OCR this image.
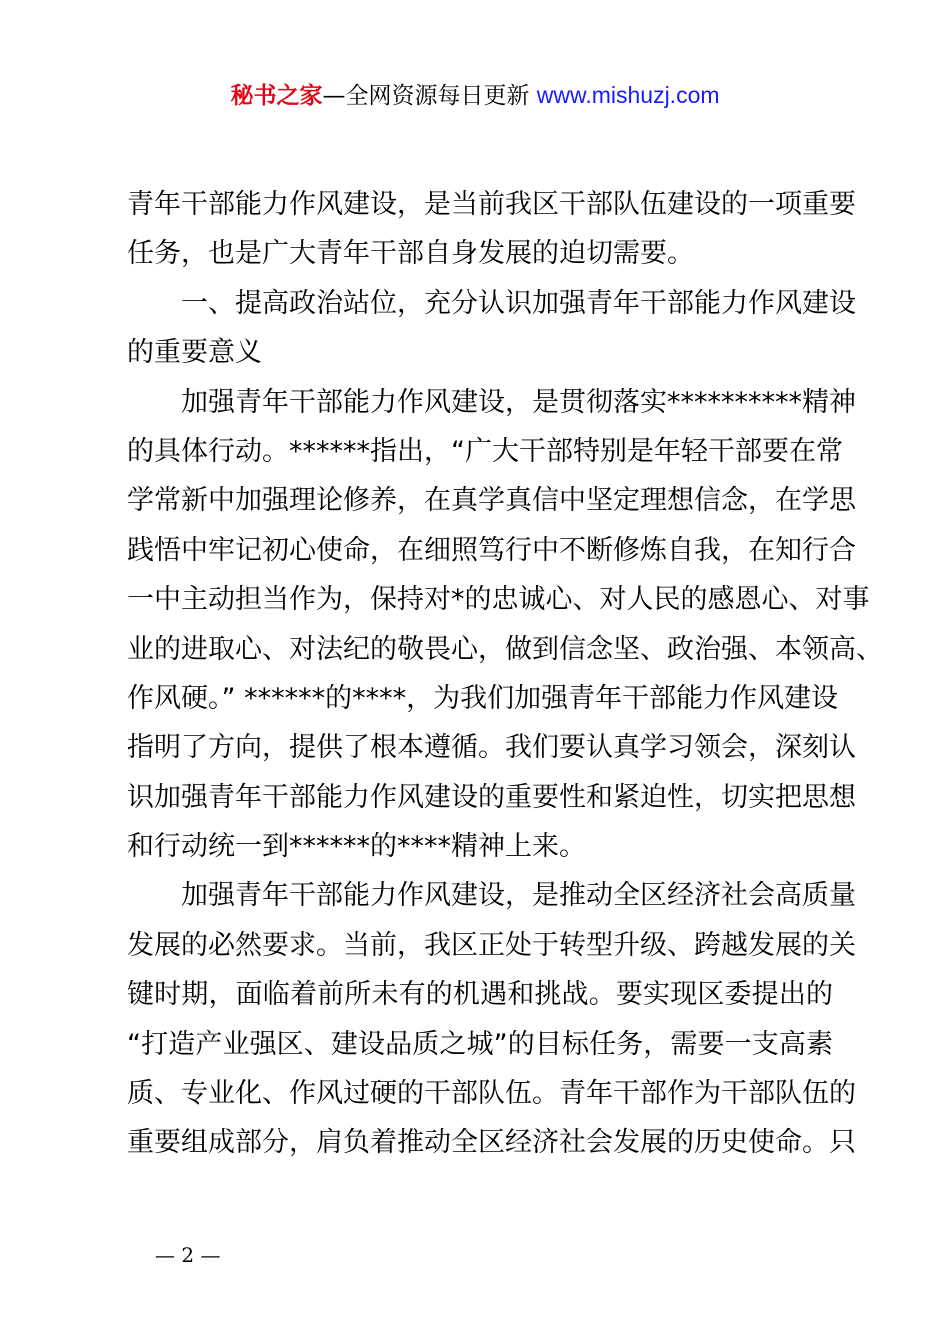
秘书之家—全网资源每日更新 www.mishuzj.com
青年干部能力作风建设，是当前我区干部队伍建设的一项重要
任务，也是广大青年干部自身发展的迫切需要。
一、提高政治站位，充分认识加强青年干部能力作风建设
的重要意义
加强青年干部能力作风建设，是贯彻落实**********精神
的具体行动。******指出，“广大干部特别是年轻干部要在常
学常新中加强理论修养，在真学真信中坚定理想信念，在学思
践悟中牢记初心使命，在细照笃行中不断修炼自我，在知行合
一中主动担当作为，保持对*的忠诚心、对人民的感恩心、对事
业的进取心、对法纪的敬畏心，做到信念坚、政治强、本领高、
作风硬。” ******的****，为我们加强青年干部能力作风建设
指明了方向，提供了根本遵循。我们要认真学习领会，深刻认
识加强青年干部能力作风建设的重要性和紧迫性，切实把思想
和行动统一到******的****精神上来。
加强青年干部能力作风建设，是推动全区经济社会高质量
发展的必然要求。当前，我区正处于转型升级、跨越发展的关
键时期，面临着前所未有的机遇和挑战。要实现区委提出的
“打造产业强区、建设品质之城”的目标任务，需要一支高素
质、专业化、作风过硬的干部队伍。青年干部作为干部队伍的
重要组成部分，肩负着推动全区经济社会发展的历史使命。只
— 2 —
